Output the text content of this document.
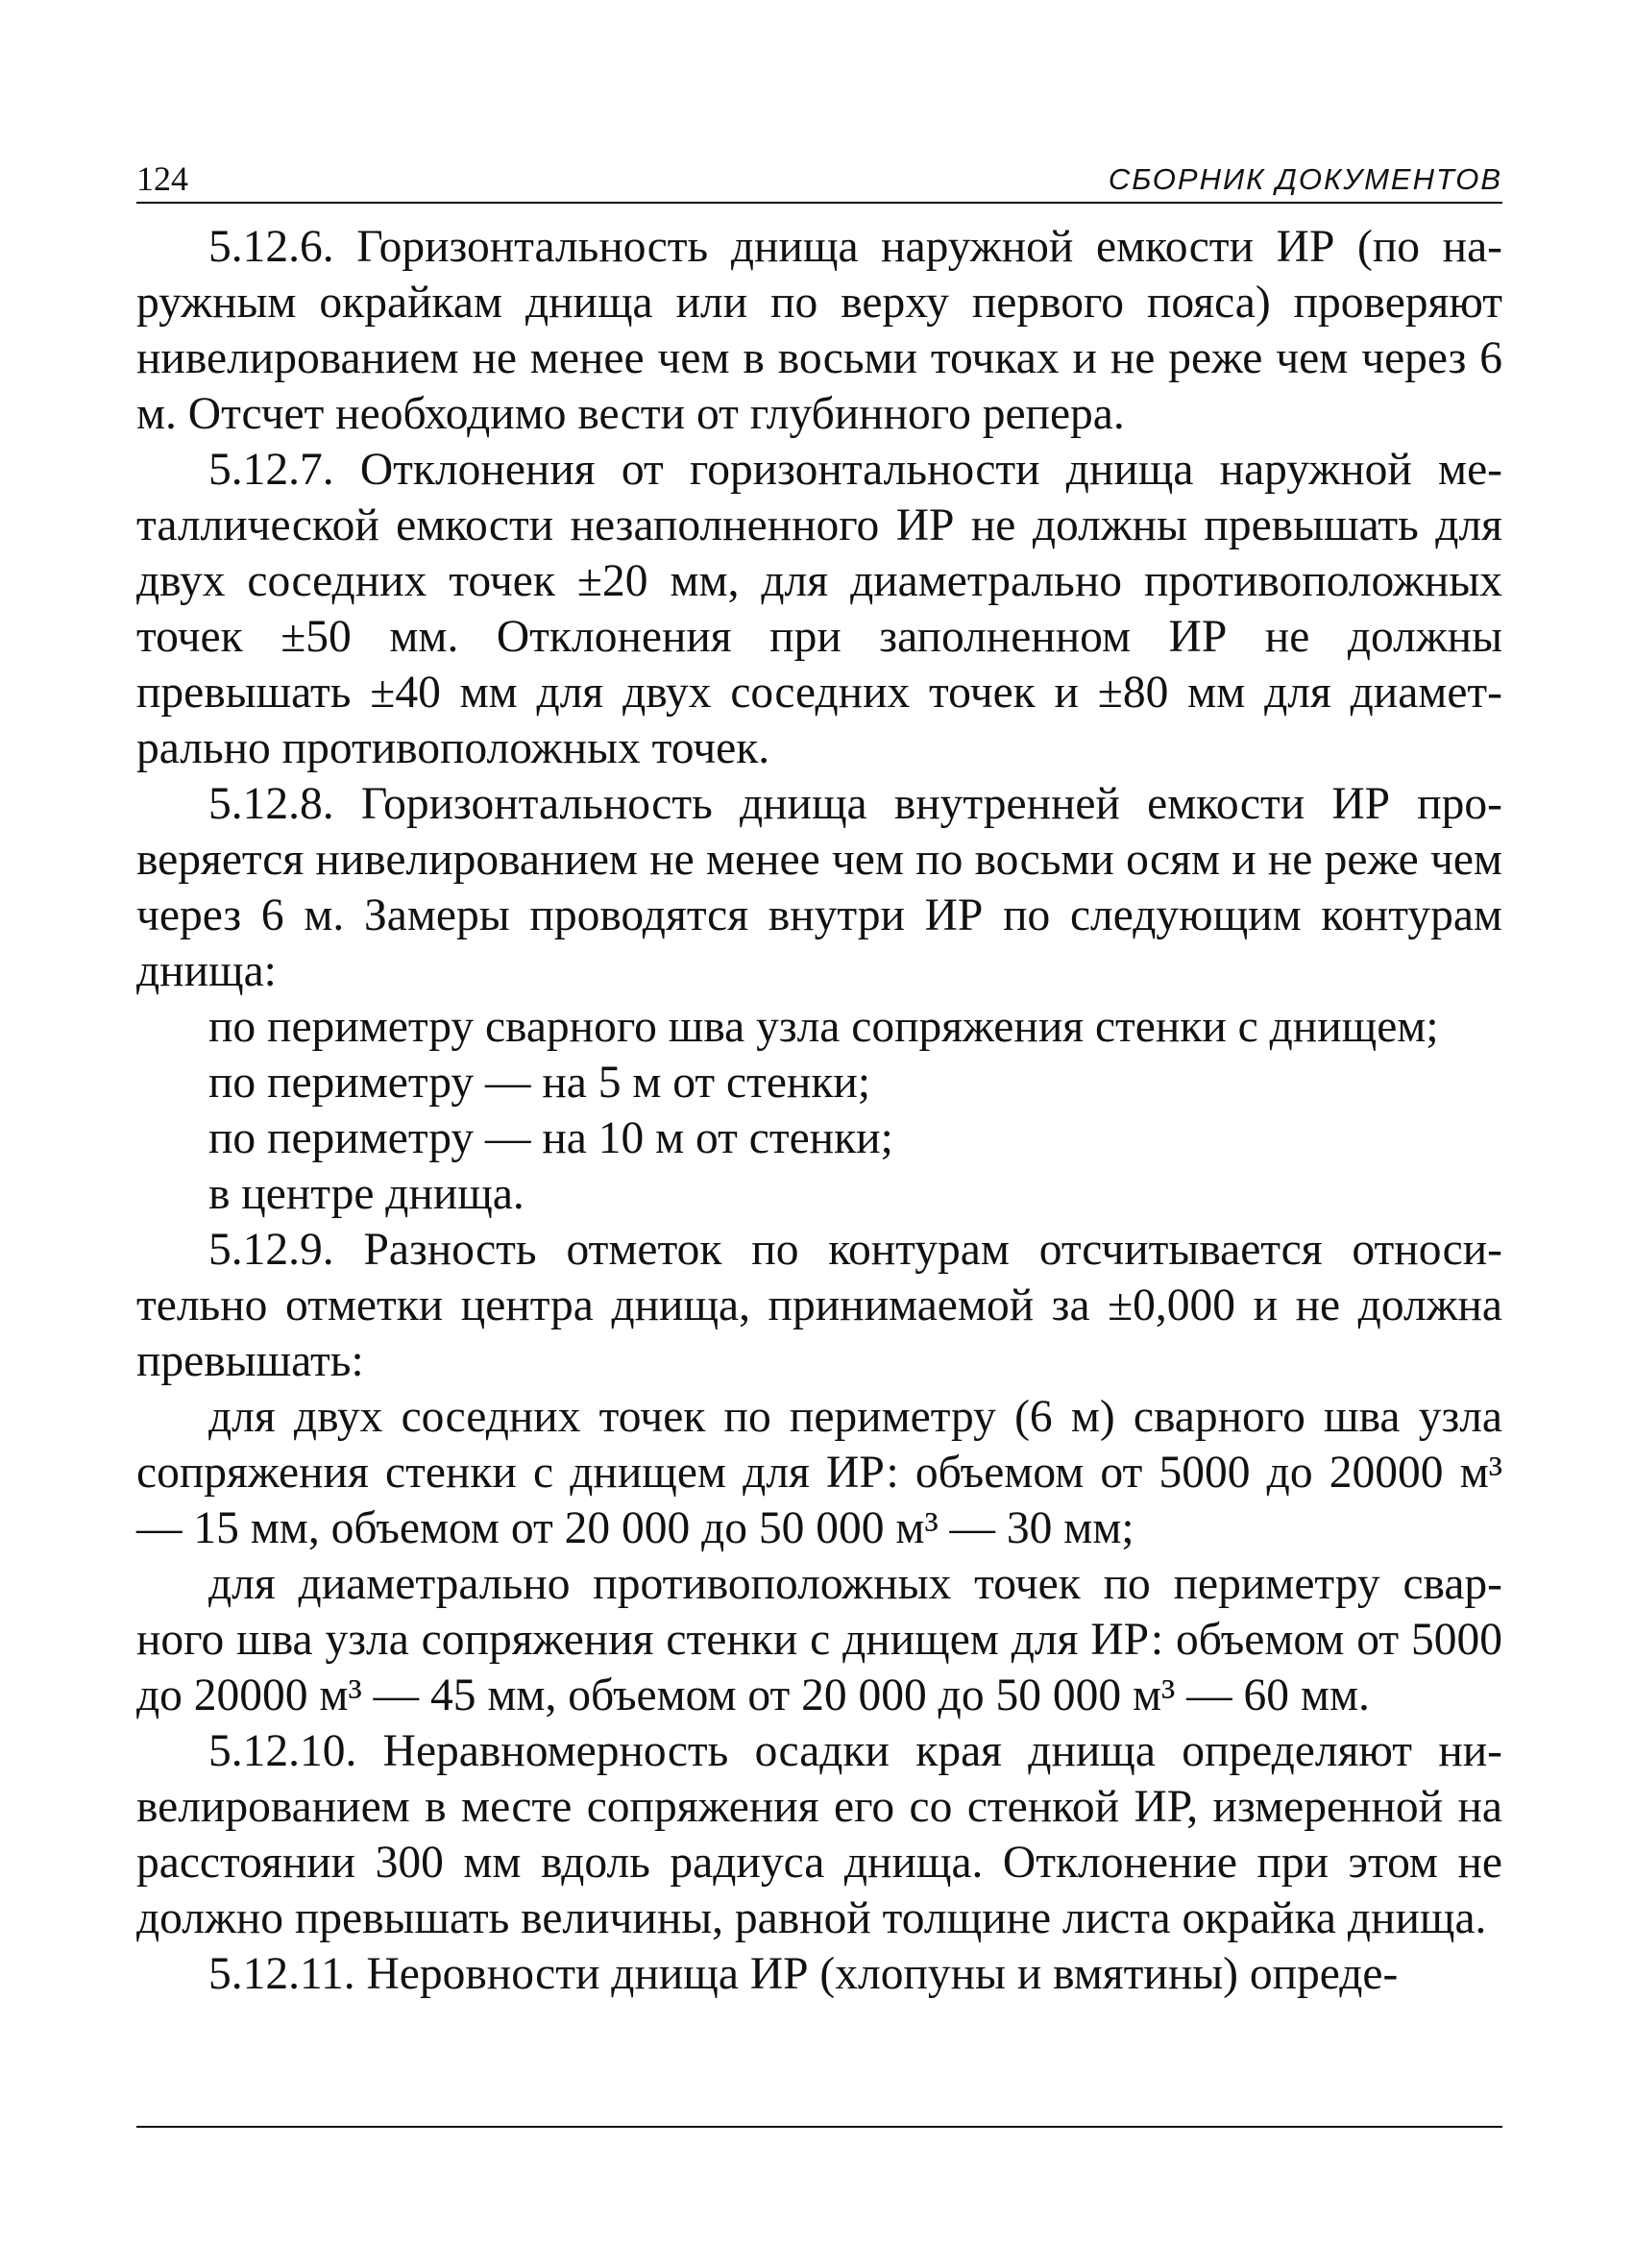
124	СБОРНИК ДОКУМЕНТОВ

5.12.6. Горизонтальность днища наружной емкости ИР (по наружным окрайкам днища или по верху первого пояса) проверяют нивелированием не менее чем в восьми точках и не реже чем через 6 м. Отсчет необходимо вести от глубинного репера.

5.12.7. Отклонения от горизонтальности днища наружной металлической емкости незаполненного ИР не должны превышать для двух соседних точек ±20 мм, для диаметрально противоположных точек ±50 мм. Отклонения при заполненном ИР не должны превышать ±40 мм для двух соседних точек и ±80 мм для диаметрально противоположных точек.

5.12.8. Горизонтальность днища внутренней емкости ИР проверяется нивелированием не менее чем по восьми осям и не реже чем через 6 м. Замеры проводятся внутри ИР по следующим контурам днища:

по периметру сварного шва узла сопряжения стенки с днищем;

по периметру — на 5 м от стенки;

по периметру — на 10 м от стенки;

в центре днища.

5.12.9. Разность отметок по контурам отсчитывается относительно отметки центра днища, принимаемой за ±0,000 и не должна превышать:

для двух соседних точек по периметру (6 м) сварного шва узла сопряжения стенки с днищем для ИР: объемом от 5000 до 20000 м³ — 15 мм, объемом от 20 000 до 50 000 м³ — 30 мм;

для диаметрально противоположных точек по периметру сварного шва узла сопряжения стенки с днищем для ИР: объемом от 5000 до 20000 м³ — 45 мм, объемом от 20 000 до 50 000 м³ — 60 мм.

5.12.10. Неравномерность осадки края днища определяют нивелированием в месте сопряжения его со стенкой ИР, измеренной на расстоянии 300 мм вдоль радиуса днища. Отклонение при этом не должно превышать величины, равной толщине листа окрайка днища.

5.12.11. Неровности днища ИР (хлопуны и вмятины) опреде-
